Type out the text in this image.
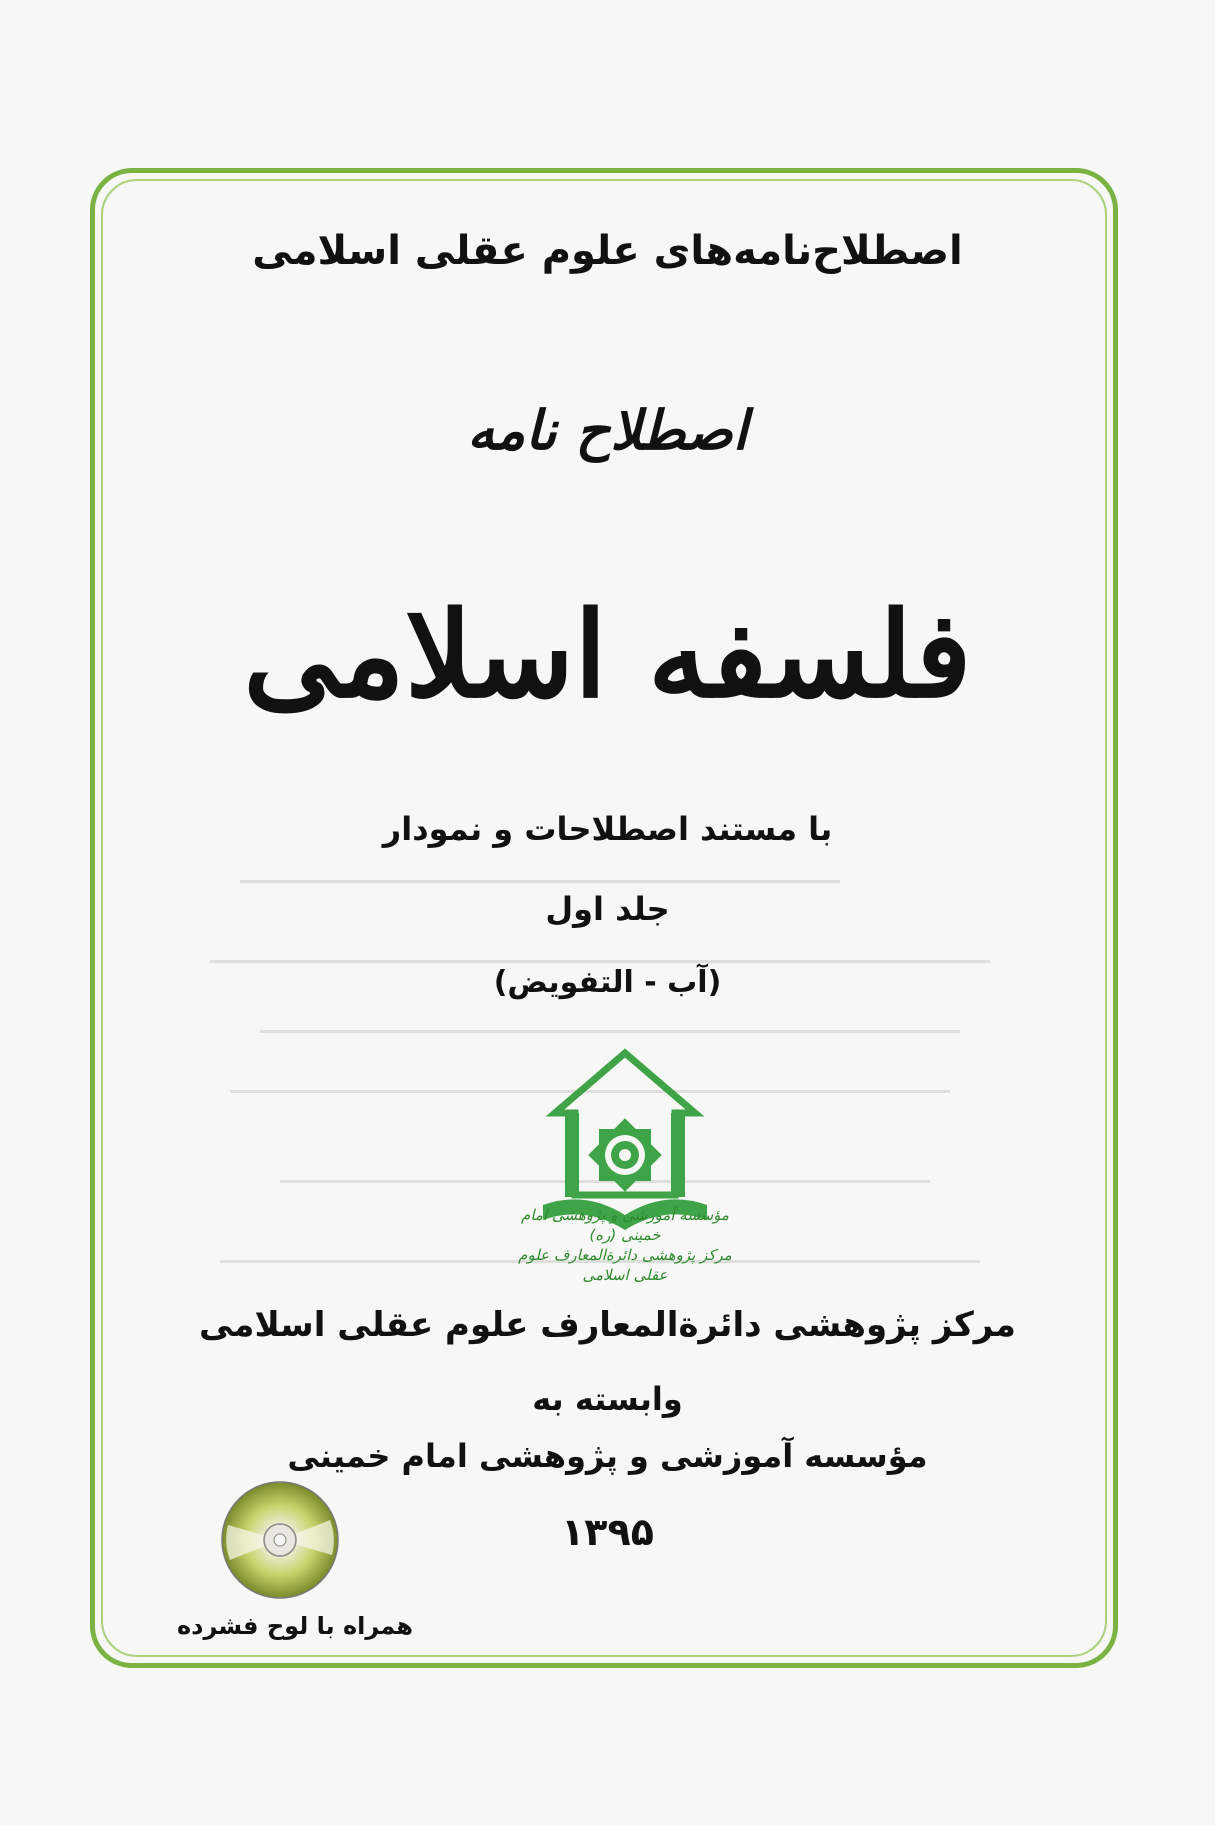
اصطلاح‌نامه‌های علوم عقلی اسلامی
اصطلاح نامه
فلسفه اسلامی
با مستند اصطلاحات و نمودار
جلد اول
(آب - التفویض)
مؤسسه آموزشی و پژوهشی امام خمینی (ره)
مرکز پژوهشی دائرةالمعارف علوم عقلی اسلامی
مرکز پژوهشی دائرةالمعارف علوم عقلی اسلامی
وابسته به
مؤسسه آموزشی و پژوهشی امام خمینی
۱۳۹۵
همراه با لوح فشرده
